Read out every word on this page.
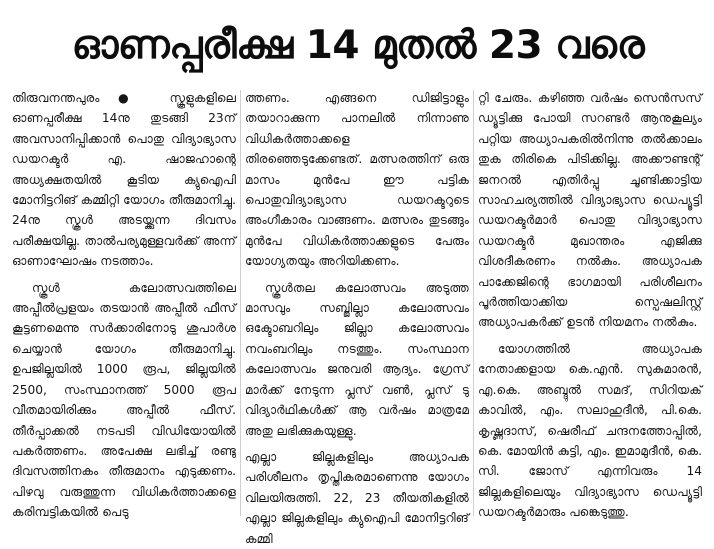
ഓണപ്പരീക്ഷ 14 മുതൽ 23 വരെ

തിരുവനന്തപുരം● സ്കൂളുകളിലെ ഓണപ്പരീക്ഷ 14നു തുടങ്ങി 23ന് അവസാനിപ്പിക്കാൻ പൊതു വിദ്യാഭ്യാസ ഡയറക്ടർ എ. ഷാജഹാന്റെ അധ്യക്ഷതയിൽ കൂടിയ ക്യുഐപി മോനിട്ടറിങ് കമ്മിറ്റി യോഗം തീരുമാനിച്ചു. 24നു സ്കൂൾ അടയ്ക്കുന്ന ദിവസം പരീക്ഷയില്ല. താൽപര്യമുള്ളവർക്ക് അന്ന് ഓണാഘോഷം നടത്താം.

സ്കൂൾ കലോത്സവത്തിലെ അപ്പീൽപ്രളയം തടയാൻ അപ്പീൽ ഫീസ് കൂട്ടണമെന്നു സർക്കാരിനോടു ശുപാർശ ചെയ്യാൻ യോഗം തീരുമാനിച്ചു. ഉപജില്ലയിൽ 1000 രൂപ, ജില്ലയിൽ 2500, സംസ്ഥാനത്ത് 5000 രൂപ വീതമായിരിക്കും അപ്പീൽ ഫീസ്. തീർപ്പാക്കൽ നടപടി വിഡിയോയിൽ പകർത്തണം. അപേക്ഷ ലഭിച്ച് രണ്ടു ദിവസത്തിനകം തീരുമാനം എടുക്കണം. പിഴവു വരുത്തുന്ന വിധികർത്താക്കളെ കരിമ്പട്ടികയിൽ പെടു

ത്തണം. എങ്ങനെ ഡിജിട്ടാളും തയാറാക്കുന്ന പാനലിൽ നിന്നാണു വിധികർത്താക്കളെ തിരഞ്ഞെടുക്കേണ്ടത്. മത്സരത്തിന് ഒരു മാസം മുൻപേ ഈ പട്ടിക പൊതുവിദ്യാഭ്യാസ ഡയറക്ടറുടെ അംഗീകാരം വാങ്ങണം. മത്സരം തുടങ്ങും മുൻപേ വിധികർത്താക്കളുടെ പേരും യോഗ്യതയും അറിയിക്കണം.

സ്കൂൾതല കലോത്സവം അടുത്ത മാസവും സബ്ജില്ലാ കലോത്സവം ഒക്ടോബറിലും ജില്ലാ കലോത്സവം നവംബറിലും നടത്തും. സംസ്ഥാന കലോത്സവം ജനുവരി ആദ്യം. ഗ്രേസ് മാർക്ക് നേടുന്ന പ്ലസ് വൺ, പ്ലസ് ടു വിദ്യാർഥികൾക്ക് ആ വർഷം മാത്രമേ അതു ലഭിക്കുകയുള്ളു.

എല്ലാ ജില്ലകളിലും അധ്യാപക പരിശീലനം തൃപ്തികരമാണെന്നു യോഗം വിലയിരുത്തി. 22, 23 തീയതികളിൽ എല്ലാ ജില്ലകളിലും ക്യുഐപി മോനിട്ടറിങ് കമ്മി

റ്റി ചേരും. കഴിഞ്ഞ വർഷം സെൻസസ് ഡ്യൂട്ടിക്കു പോയി സറണ്ടർ ആനുകൂല്യം പറ്റിയ അധ്യാപകരിൽനിന്നു തൽക്കാലം തുക തിരികെ പിടിക്കില്ല. അക്കൗണ്ടന്റ് ജനറൽ എതിർപ്പു ചൂണ്ടിക്കാട്ടിയ സാഹചര്യത്തിൽ വിദ്യാഭ്യാസ ഡെപ്യൂട്ടി ഡയറക്ടർമാർ പൊതു വിദ്യാഭ്യാസ ഡയറക്ടർ മുഖാന്തരം എജിക്കു വിശദീകരണം നൽകും. അധ്യാപക പാക്കേജിന്റെ ഭാഗമായി പരിശീലനം പൂർത്തിയാക്കിയ സ്പെഷലിസ്റ്റ് അധ്യാപകർക്ക് ഉടൻ നിയമനം നൽകും.

യോഗത്തിൽ അധ്യാപക നേതാക്കളായ കെ.എൻ. സുകുമാരൻ, എ.കെ. അബ്ദുൽ സമദ്, സിറിയക് കാവിൽ, എം. സലാഹുദീൻ, പി.കെ. കൃഷ്ണദാസ്, ഷെരീഫ് ചന്ദനത്തോപ്പിൽ, കെ. മോയിൻ കുട്ടി, എം. ഇമാമുദീൻ, കെ. സി. ജോസ് എന്നിവരും 14 ജില്ലകളിലെയും വിദ്യാഭ്യാസ ഡെപ്യൂട്ടി ഡയറക്ടർമാരും പങ്കെടുത്തു.
